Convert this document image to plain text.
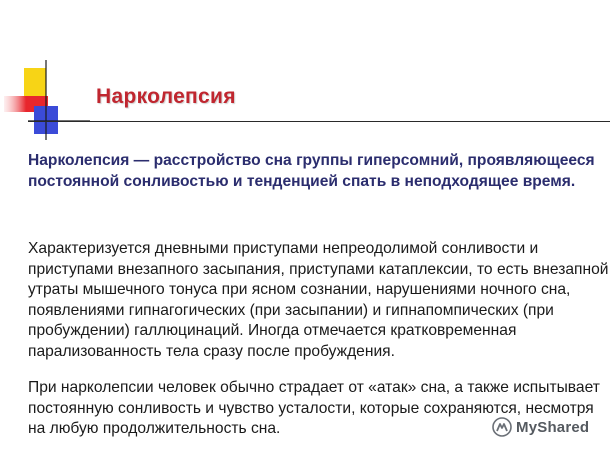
Нарколепсия

Нарколепсия — расстройство сна группы гиперсомний, проявляющееся постоянной сонливостью и тенденцией спать в неподходящее время.

Характеризуется дневными приступами непреодолимой сонливости и приступами внезапного засыпания, приступами катаплексии, то есть внезапной утраты мышечного тонуса при ясном сознании, нарушениями ночного сна, появлениями гипнагогических (при засыпании) и гипнапомпических (при пробуждении) галлюцинаций. Иногда отмечается кратковременная парализованность тела сразу после пробуждения.

При нарколепсии человек обычно страдает от «атак» сна, а также испытывает постоянную сонливость и чувство усталости, которые сохраняются, несмотря на любую продолжительность сна.	MyShared
